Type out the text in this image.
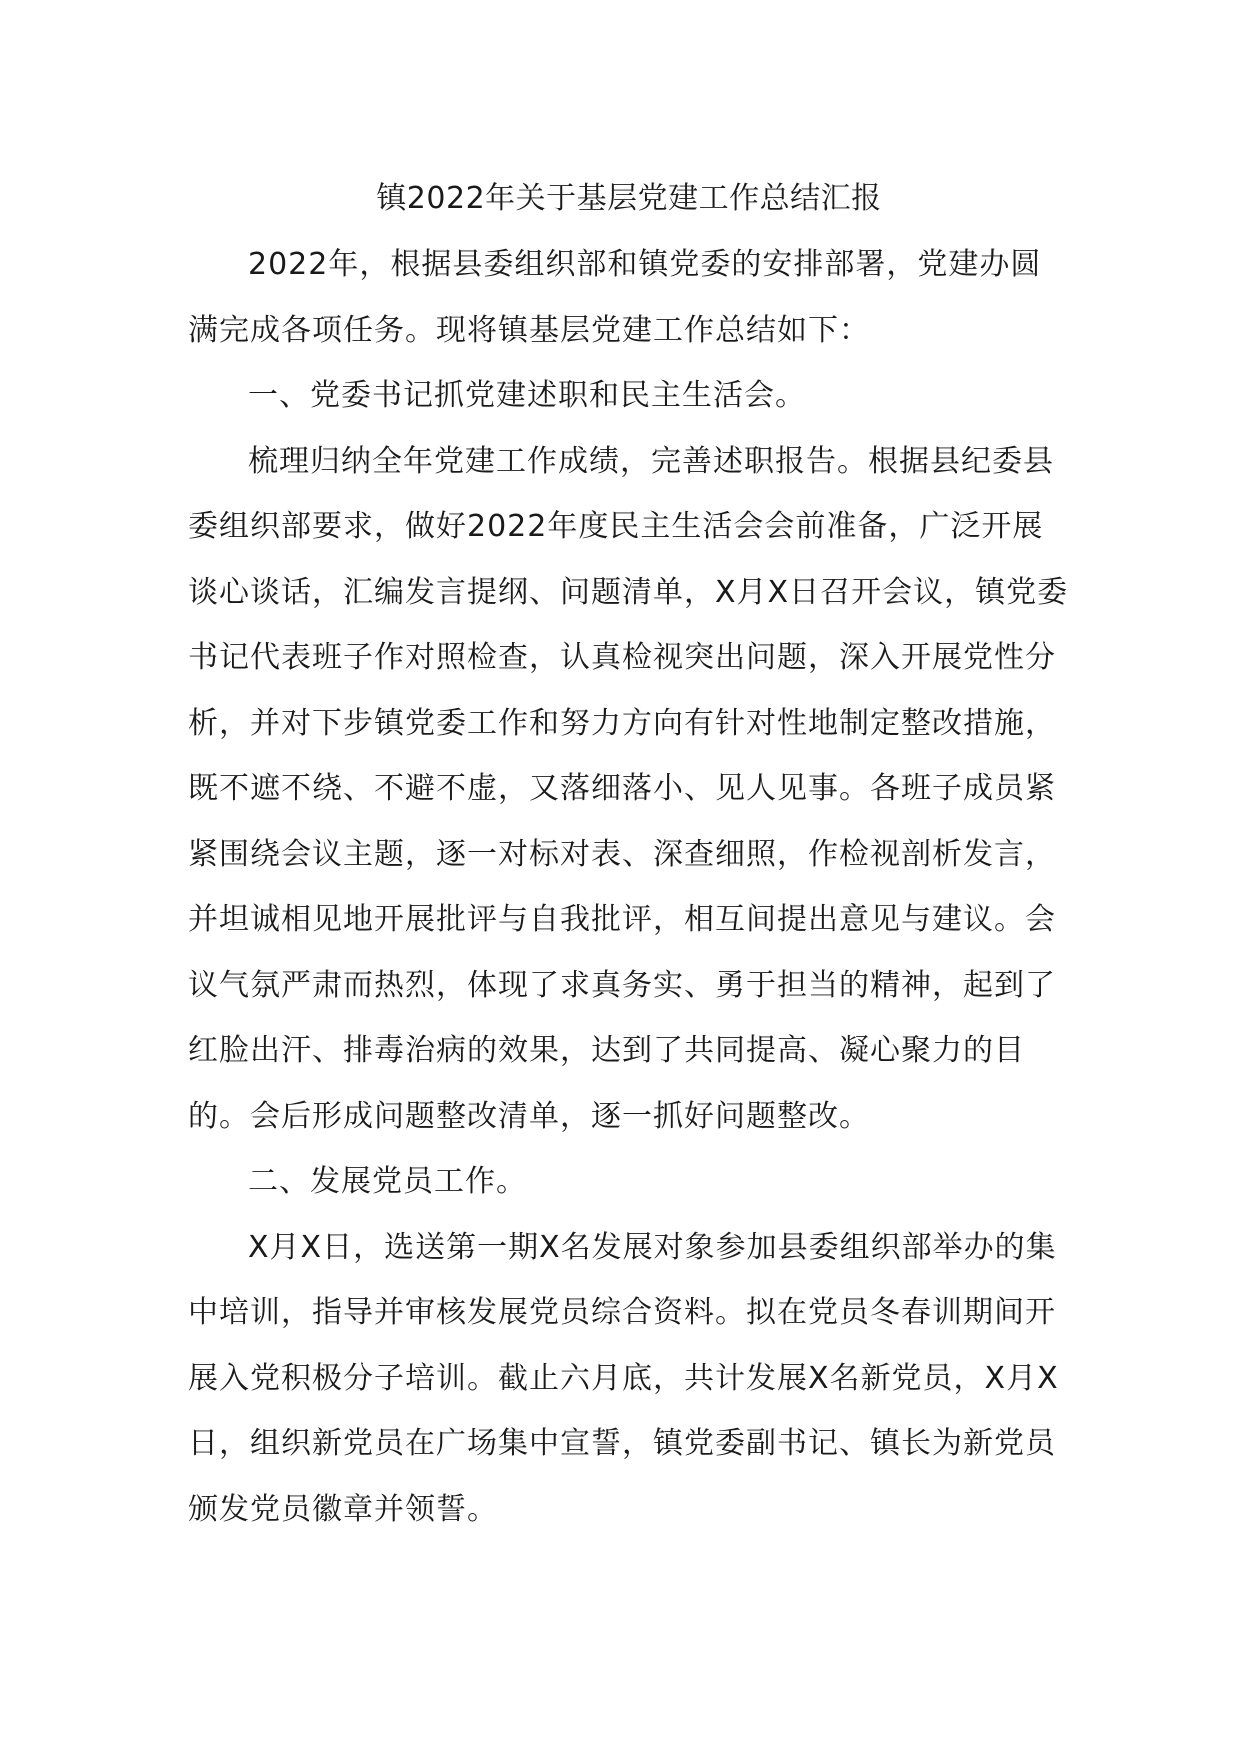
镇2022年关于基层党建工作总结汇报

2022年，根据县委组织部和镇党委的安排部署，党建办圆满完成各项任务。现将镇基层党建工作总结如下：

一、党委书记抓党建述职和民主生活会。

梳理归纳全年党建工作成绩，完善述职报告。根据县纪委县委组织部要求，做好2022年度民主生活会会前准备，广泛开展谈心谈话，汇编发言提纲、问题清单，X月X日召开会议，镇党委书记代表班子作对照检查，认真检视突出问题，深入开展党性分析，并对下步镇党委工作和努力方向有针对性地制定整改措施，既不遮不绕、不避不虚，又落细落小、见人见事。各班子成员紧紧围绕会议主题，逐一对标对表、深查细照，作检视剖析发言，并坦诚相见地开展批评与自我批评，相互间提出意见与建议。会议气氛严肃而热烈，体现了求真务实、勇于担当的精神，起到了红脸出汗、排毒治病的效果，达到了共同提高、凝心聚力的目的。会后形成问题整改清单，逐一抓好问题整改。

二、发展党员工作。

X月X日，选送第一期X名发展对象参加县委组织部举办的集中培训，指导并审核发展党员综合资料。拟在党员冬春训期间开展入党积极分子培训。截止六月底，共计发展X名新党员，X月X日，组织新党员在广场集中宣誓，镇党委副书记、镇长为新党员颁发党员徽章并领誓。
